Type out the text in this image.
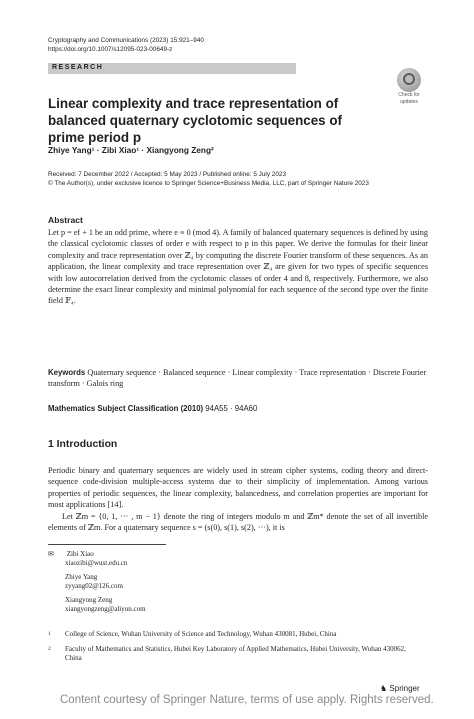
Cryptography and Communications (2023) 15:921–940
https://doi.org/10.1007/s12095-023-00649-z
RESEARCH
Check for
updates
Linear complexity and trace representation of balanced quaternary cyclotomic sequences of prime period p
Zhiye Yang¹ · Zibi Xiao¹ · Xiangyong Zeng²
Received: 7 December 2022 / Accepted: 5 May 2023 / Published online: 5 July 2023
© The Author(s), under exclusive licence to Springer Science+Business Media, LLC, part of Springer Nature 2023
Abstract
Let p = ef + 1 be an odd prime, where e ≡ 0 (mod 4). A family of balanced quaternary sequences is defined by using the classical cyclotomic classes of order e with respect to p in this paper. We derive the formulas for their linear complexity and trace representation over ℤ₄ by computing the discrete Fourier transform of these sequences. As an application, the linear complexity and trace representation over ℤ₄ are given for two types of specific sequences with low autocorrelation derived from the cyclotomic classes of order 4 and 8, respectively. Furthermore, we also determine the exact linear complexity and minimal polynomial for each sequence of the second type over the finite field 𝔽₄.
Keywords Quaternary sequence · Balanced sequence · Linear complexity · Trace representation · Discrete Fourier transform · Galois ring
Mathematics Subject Classification (2010) 94A55 · 94A60
1 Introduction
Periodic binary and quaternary sequences are widely used in stream cipher systems, coding theory and direct-sequence code-division multiple-access systems due to their simplicity of implementation. Among various properties of periodic sequences, the linear complexity, balancedness, and correlation properties are important for most applications [14].
Let ℤm = {0, 1, ··· , m − 1} denote the ring of integers modulo m and ℤm* denote the set of all invertible elements of ℤm. For a quaternary sequence s = (s(0), s(1), s(2), ···), it is
✉ Zibi Xiao
xiaozibi@wust.edu.cn
Zhiye Yang
zyyang02@126.com
Xiangyong Zeng
xiangyongzeng@aliyun.com
1 College of Science, Wuhan University of Science and Technology, Wuhan 430081, Hubei, China
2 Faculty of Mathematics and Statistics, Hubei Key Laboratory of Applied Mathematics, Hubei University, Wuhan 430062, China
♞ Springer
Content courtesy of Springer Nature, terms of use apply. Rights reserved.
